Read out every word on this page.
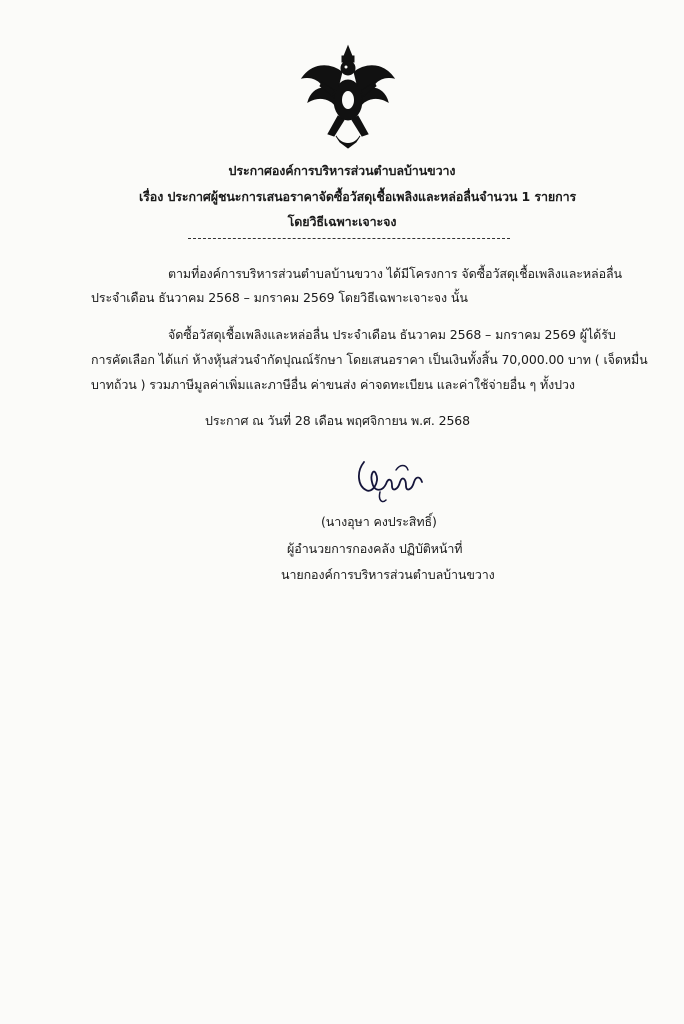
ประกาศองค์การบริหารส่วนตำบลบ้านขวาง
เรื่อง ประกาศผู้ชนะการเสนอราคาจัดซื้อวัสดุเชื้อเพลิงและหล่อลื่นจำนวน 1 รายการ
โดยวิธีเฉพาะเจาะจง
ตามที่องค์การบริหารส่วนตำบลบ้านขวาง ได้มีโครงการ จัดซื้อวัสดุเชื้อเพลิงและหล่อลื่น
ประจำเดือน ธันวาคม 2568 – มกราคม 2569 โดยวิธีเฉพาะเจาะจง นั้น
จัดซื้อวัสดุเชื้อเพลิงและหล่อลื่น ประจำเดือน ธันวาคม 2568 – มกราคม 2569 ผู้ได้รับ
การคัดเลือก ได้แก่ ห้างหุ้นส่วนจำกัดปุณณ์รักษา โดยเสนอราคา เป็นเงินทั้งสิ้น 70,000.00 บาท ( เจ็ดหมื่น
บาทถ้วน ) รวมภาษีมูลค่าเพิ่มและภาษีอื่น ค่าขนส่ง ค่าจดทะเบียน และค่าใช้จ่ายอื่น ๆ ทั้งปวง
ประกาศ ณ วันที่ 28 เดือน พฤศจิกายน พ.ศ. 2568
(นางอุษา คงประสิทธิ์)
ผู้อำนวยการกองคลัง ปฏิบัติหน้าที่
นายกองค์การบริหารส่วนตำบลบ้านขวาง
